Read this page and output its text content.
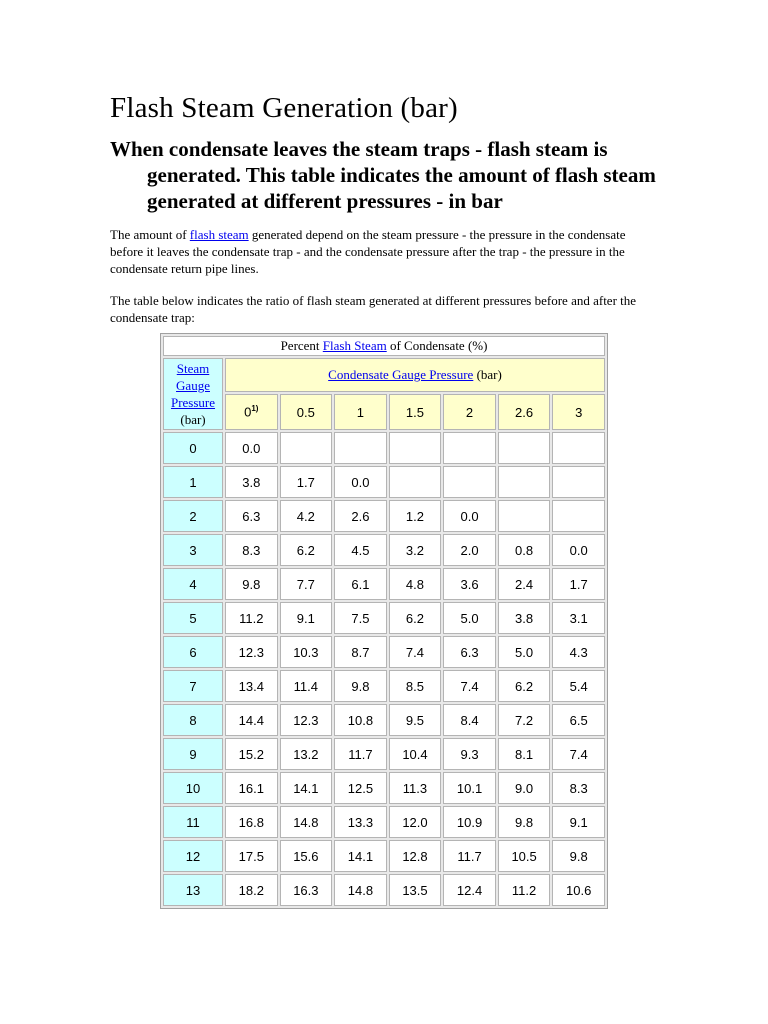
Flash Steam Generation (bar)
When condensate leaves the steam traps - flash steam is generated. This table indicates the amount of flash steam generated at different pressures - in bar

The amount of flash steam generated depend on the steam pressure - the pressure in the condensate before it leaves the condensate trap - and the condensate pressure after the trap - the pressure in the condensate return pipe lines.

The table below indicates the ratio of flash steam generated at different pressures before and after the condensate trap:

Percent Flash Steam of Condensate (%)							
Steam Gauge Pressure
(bar)	Condensate Gauge Pressure (bar)						
	0$^{1)}$	0.5	1	1.5	2	2.6	3
0	0.0						
1	3.8	1.7	0.0				
2	6.3	4.2	2.6	1.2	0.0		
3	8.3	6.2	4.5	3.2	2.0	0.8	0.0
4	9.8	7.7	6.1	4.8	3.6	2.4	1.7
5	11.2	9.1	7.5	6.2	5.0	3.8	3.1
6	12.3	10.3	8.7	7.4	6.3	5.0	4.3
7	13.4	11.4	9.8	8.5	7.4	6.2	5.4
8	14.4	12.3	10.8	9.5	8.4	7.2	6.5
9	15.2	13.2	11.7	10.4	9.3	8.1	7.4
10	16.1	14.1	12.5	11.3	10.1	9.0	8.3
11	16.8	14.8	13.3	12.0	10.9	9.8	9.1
12	17.5	15.6	14.1	12.8	11.7	10.5	9.8
13	18.2	16.3	14.8	13.5	12.4	11.2	10.6
